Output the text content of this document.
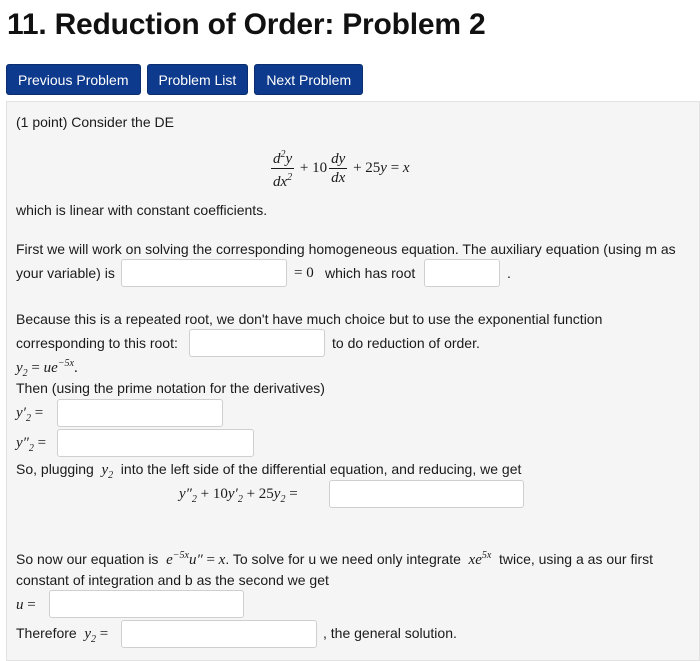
11. Reduction of Order: Problem 2
Previous Problem	Problem List	Next Problem
(1 point) Consider the DE
$\frac{d^2y}{dx^2} + 10 \frac{dy}{dx} + 25y = x$
which is linear with constant coefficients.
First we will work on solving the corresponding homogeneous equation. The auxiliary equation (using m as
your variable) is	= 0 which has root	.
Because this is a repeated root, we don't have much choice but to use the exponential function
corresponding to this root:	to do reduction of order.
$y_2 = ue^{-5x}$.
Then (using the prime notation for the derivatives)
$y'_2$ =
$y''_2$ =
So, plugging  $y_2$ into the left side of the differential equation, and reducing, we get
$y''_2 + 10y'_2 + 25y_2$ =
So now our equation is  $e^{-5x}u'' = x$. To solve for u we need only integrate  $xe^{5x}$ twice, using a as our first
constant of integration and b as the second we get
u =
Therefore  $y_2$ =	, the general solution.
